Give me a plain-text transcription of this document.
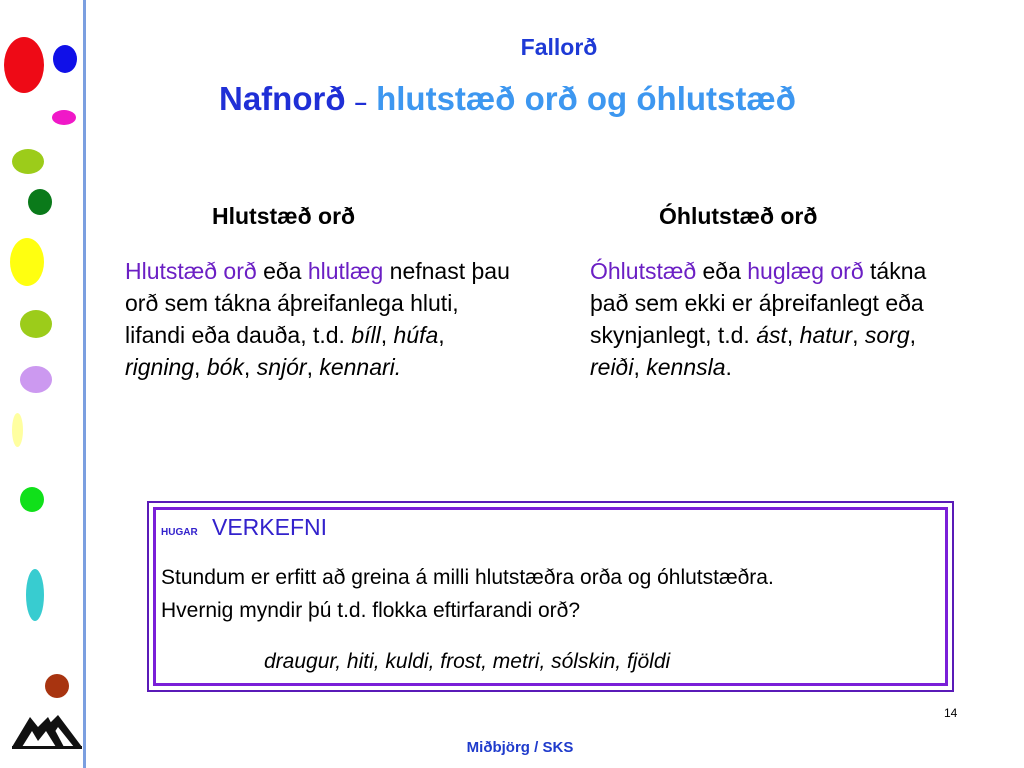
Fallorð
Nafnorð – hlutstæð orð og óhlutstæð
Hlutstæð orð
Hlutstæð orð eða hlutlæg nefnast þau orð sem tákna áþreifanlega hluti, lifandi eða dauða, t.d. bíll, húfa, rigning, bók, snjór, kennari.
Óhlutstæð orð
Óhlutstæð eða huglæg orð tákna það sem ekki er áþreifanlegt eða skynjanlegt, t.d. ást, hatur, sorg, reiði, kennsla.
HUGAR VERKEFNI
Stundum er erfitt að greina á milli hlutstæðra orða og óhlutstæðra.
Hvernig myndir þú t.d. flokka eftirfarandi orð?
draugur, hiti, kuldi, frost, metri, sólskin, fjöldi
14
Miðbjörg / SKS
